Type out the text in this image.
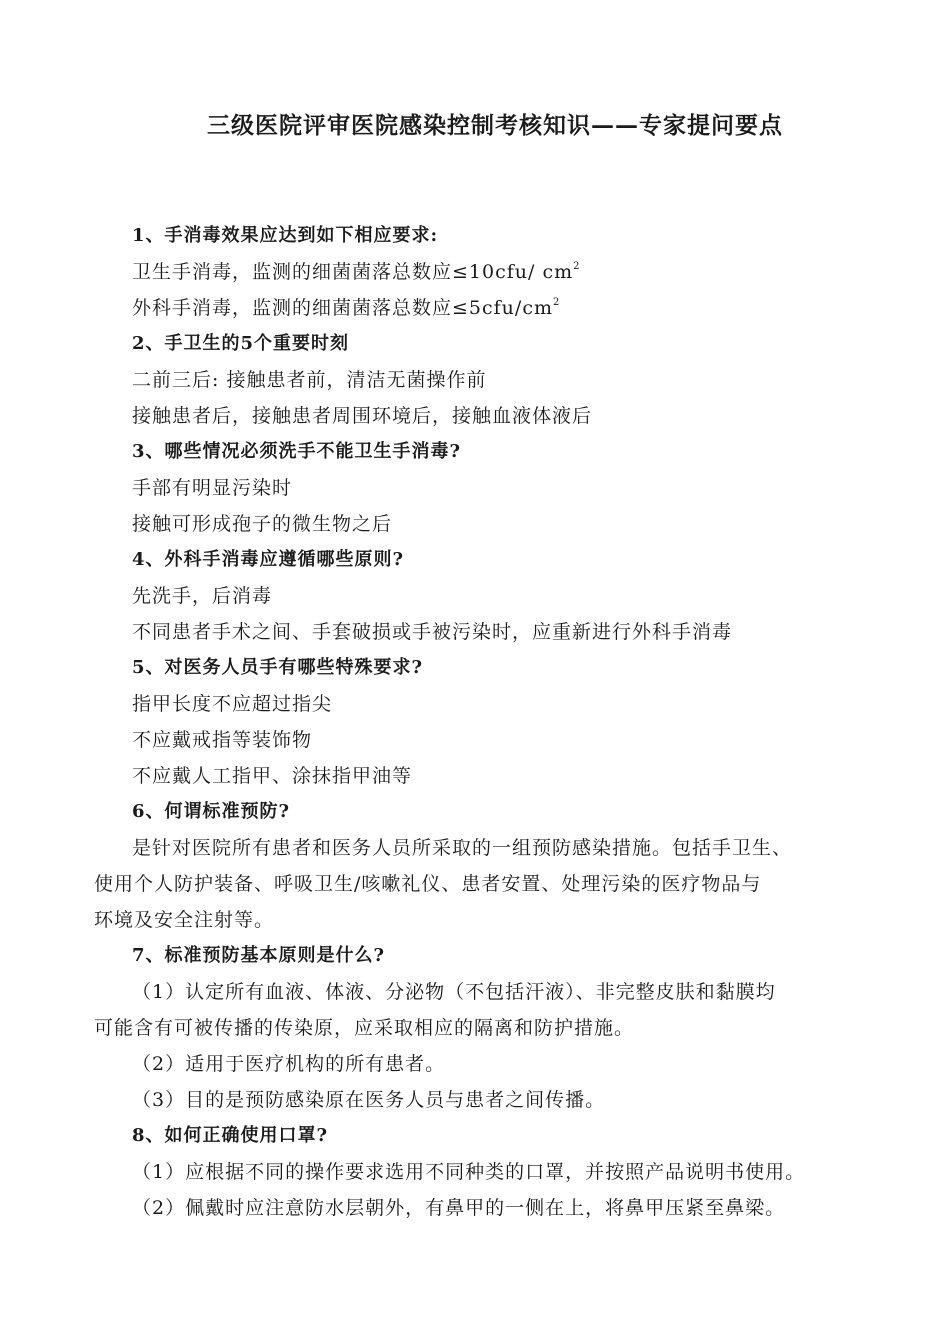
三级医院评审医院感染控制考核知识——专家提问要点
1、手消毒效果应达到如下相应要求:
卫生手消毒，监测的细菌菌落总数应≤10cfu/ $cm^2$
外科手消毒，监测的细菌菌落总数应$\le 5cfu/cm^2$
2、手卫生的5个重要时刻
二前三后: 接触患者前，清洁无菌操作前
接触患者后，接触患者周围环境后，接触血液体液后
3、哪些情况必须洗手不能卫生手消毒?
手部有明显污染时
接触可形成孢子的微生物之后
4、外科手消毒应遵循哪些原则?
先洗手，后消毒
不同患者手术之间、手套破损或手被污染时，应重新进行外科手消毒
5、对医务人员手有哪些特殊要求?
指甲长度不应超过指尖
不应戴戒指等装饰物
不应戴人工指甲、涂抹指甲油等
6、何谓标准预防?
是针对医院所有患者和医务人员所采取的一组预防感染措施。包括手卫生、
使用个人防护装备、呼吸卫生/咳嗽礼仪、患者安置、处理污染的医疗物品与
环境及安全注射等。
7、标准预防基本原则是什么?
（1）认定所有血液、体液、分泌物（不包括汗液）、非完整皮肤和黏膜均
可能含有可被传播的传染原，应采取相应的隔离和防护措施。
（2）适用于医疗机构的所有患者。
（3）目的是预防感染原在医务人员与患者之间传播。
8、如何正确使用口罩?
（1）应根据不同的操作要求选用不同种类的口罩，并按照产品说明书使用。
（2）佩戴时应注意防水层朝外，有鼻甲的一侧在上，将鼻甲压紧至鼻梁。
